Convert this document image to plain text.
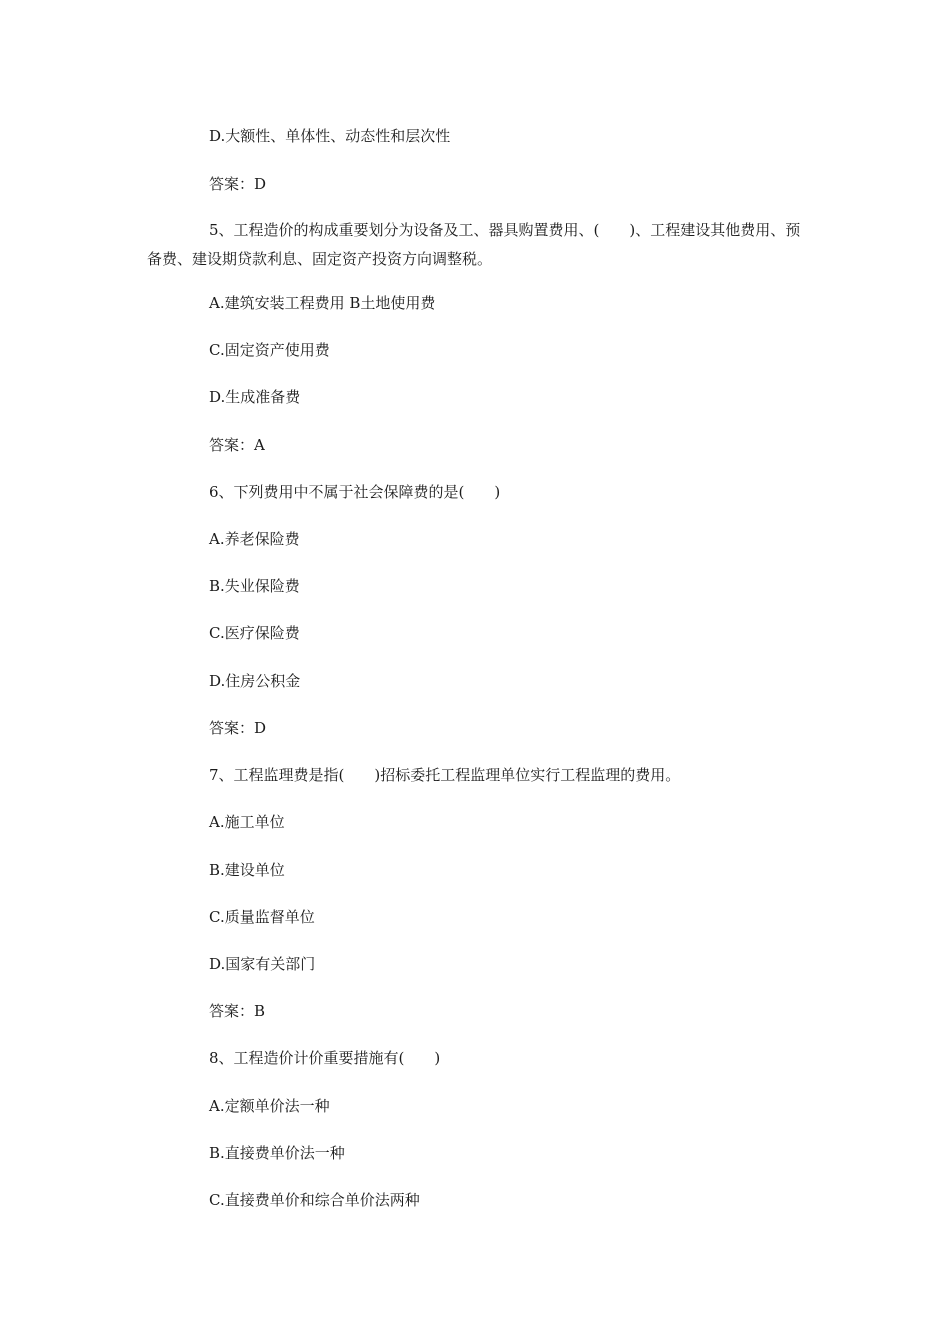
D.大额性、单体性、动态性和层次性
答案：D
5、工程造价的构成重要划分为设备及工、器具购置费用、(　　)、工程建设其他费用、预备费、建设期贷款利息、固定资产投资方向调整税。
A.建筑安装工程费用 B土地使用费
C.固定资产使用费
D.生成准备费
答案：A
6、下列费用中不属于社会保障费的是(　　)
A.养老保险费
B.失业保险费
C.医疗保险费
D.住房公积金
答案：D
7、工程监理费是指(　　)招标委托工程监理单位实行工程监理的费用。
A.施工单位
B.建设单位
C.质量监督单位
D.国家有关部门
答案：B
8、工程造价计价重要措施有(　　)
A.定额单价法一种
B.直接费单价法一种
C.直接费单价和综合单价法两种
